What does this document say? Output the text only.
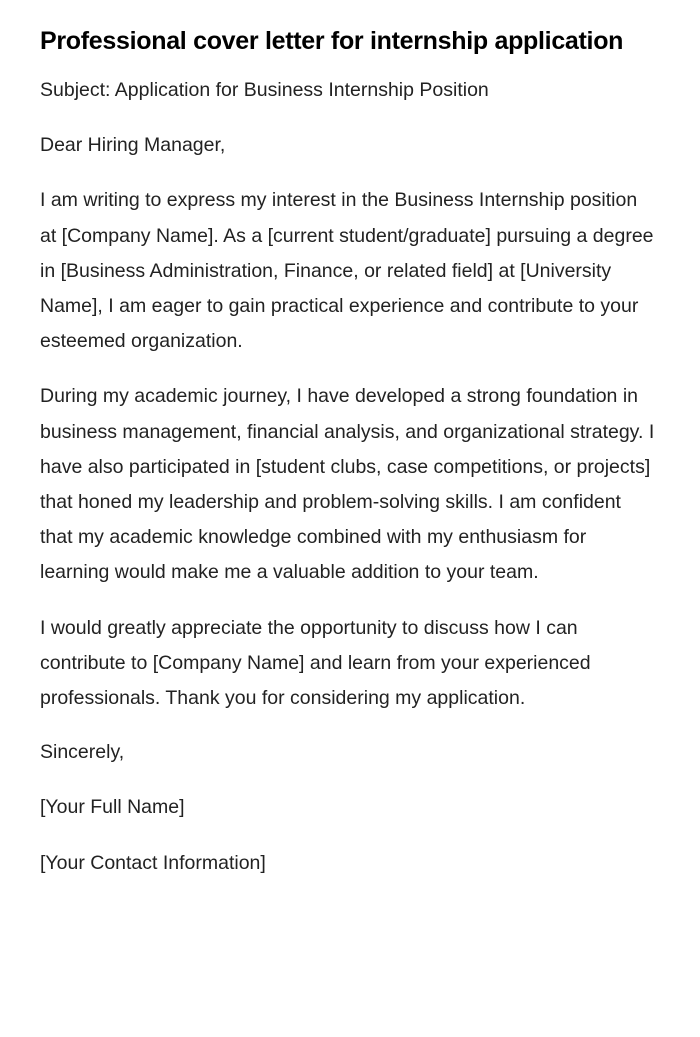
Professional cover letter for internship application

Subject: Application for Business Internship Position

Dear Hiring Manager,

I am writing to express my interest in the Business Internship position at [Company Name]. As a [current student/graduate] pursuing a degree in [Business Administration, Finance, or related field] at [University Name], I am eager to gain practical experience and contribute to your esteemed organization.

During my academic journey, I have developed a strong foundation in business management, financial analysis, and organizational strategy. I have also participated in [student clubs, case competitions, or projects] that honed my leadership and problem-solving skills. I am confident that my academic knowledge combined with my enthusiasm for learning would make me a valuable addition to your team.

I would greatly appreciate the opportunity to discuss how I can contribute to [Company Name] and learn from your experienced professionals. Thank you for considering my application.

Sincerely,

[Your Full Name]

[Your Contact Information]
